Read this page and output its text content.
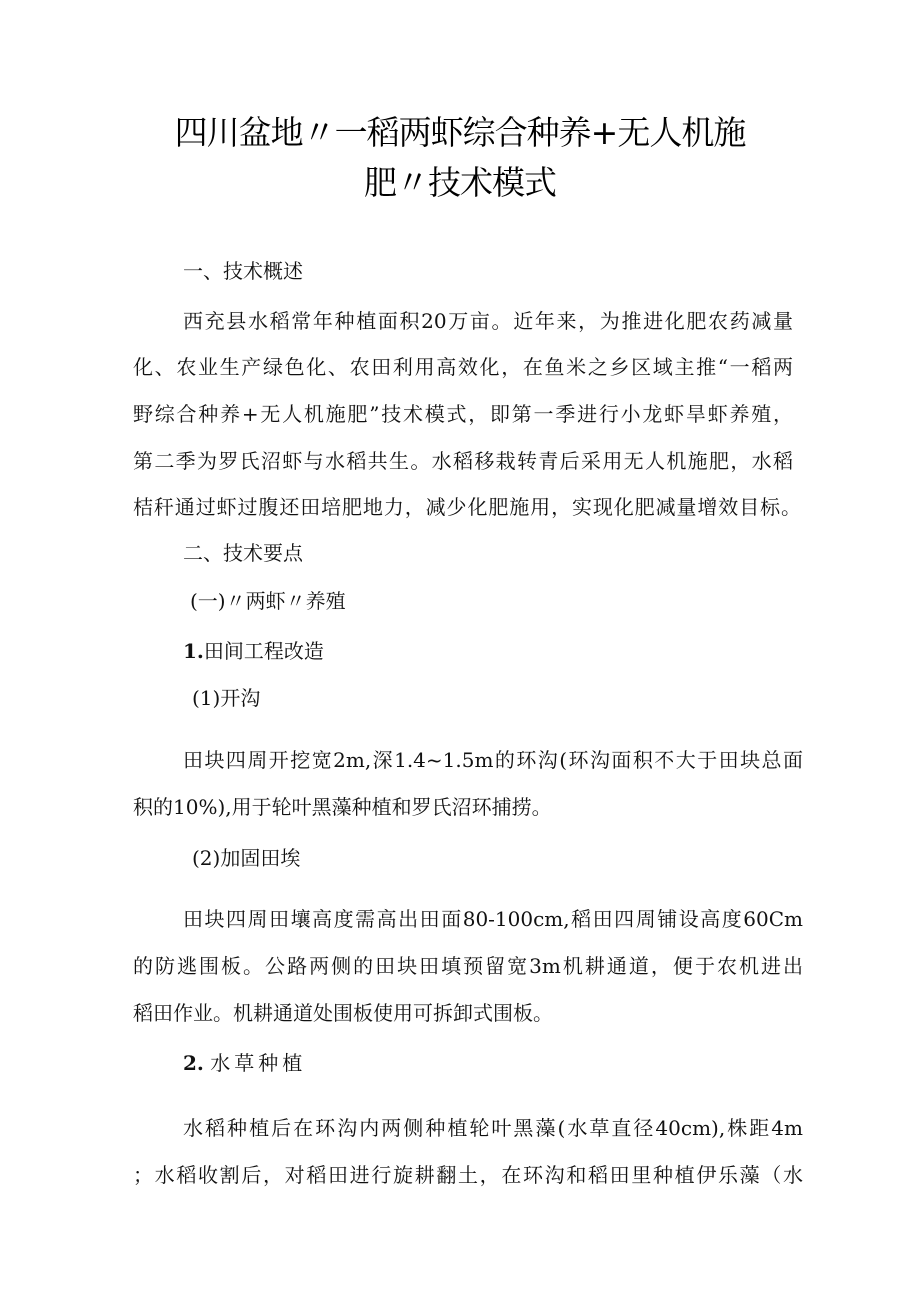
四川盆地〃一稻两虾综合种养+无人机施
肥〃技术模式
一、技术概述
西充县水稻常年种植面积20万亩。近年来，为推进化肥农药减量
化、农业生产绿色化、农田利用高效化，在鱼米之乡区域主推“一稻两
野综合种养+无人机施肥”技术模式，即第一季进行小龙虾旱虾养殖，
第二季为罗氏沼虾与水稻共生。水稻移栽转青后采用无人机施肥，水稻
桔秆通过虾过腹还田培肥地力，减少化肥施用，实现化肥减量增效目标。
二、技术要点
(一)〃两虾〃养殖
1.田间工程改造
(1)开沟
田块四周开挖宽2m,深1.4~1.5m的环沟(环沟面积不大于田块总面
积的10%),用于轮叶黑藻种植和罗氏沼环捕捞。
(2)加固田埃
田块四周田壤高度需高出田面80-100cm,稻田四周铺设高度60Cm
的防逃围板。公路两侧的田块田填预留宽3m机耕通道，便于农机进出
稻田作业。机耕通道处围板使用可拆卸式围板。
2. 水草种植
水稻种植后在环沟内两侧种植轮叶黑藻(水草直径40cm),株距4m
；水稻收割后，对稻田进行旋耕翻土，在环沟和稻田里种植伊乐藻（水
